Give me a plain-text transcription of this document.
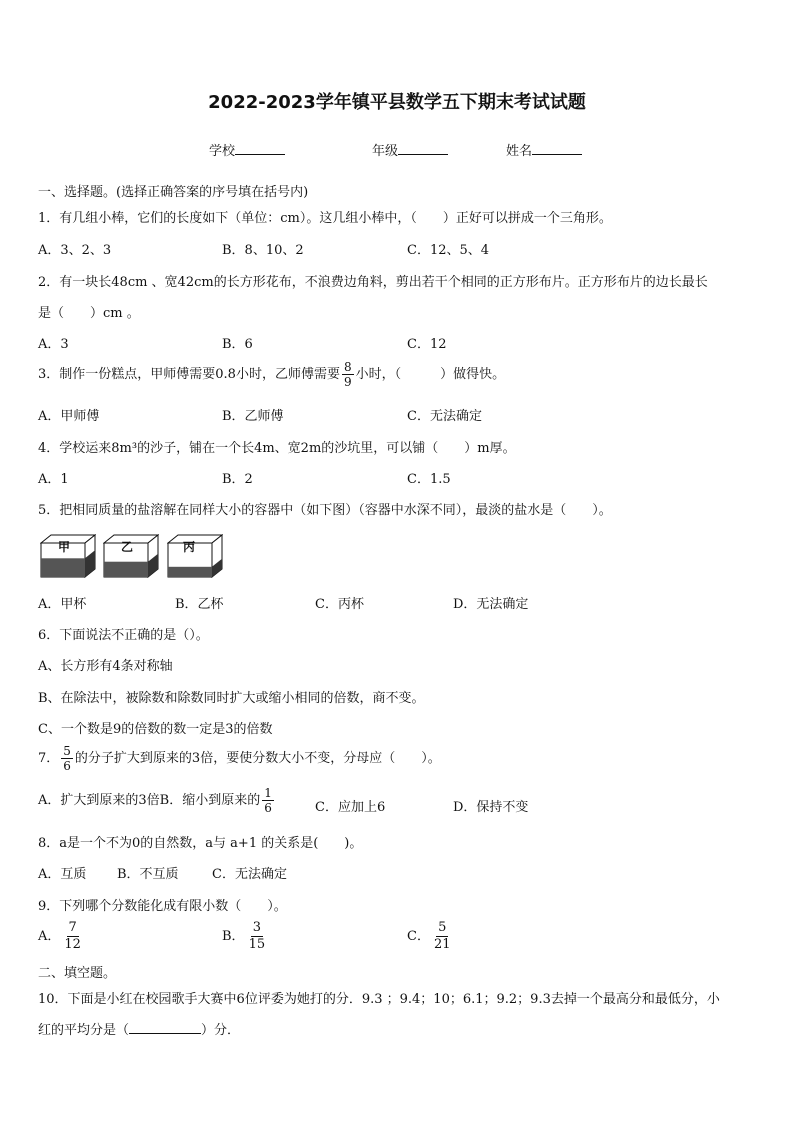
2022-2023学年镇平县数学五下期末考试试题
学校	年级	姓名
一、选择题。(选择正确答案的序号填在括号内)
1．有几组小棒，它们的长度如下（单位：cm）。这几组小棒中，（　　）正好可以拼成一个三角形。
A．3、2、3	B．8、10、2	C．12、5、4
2．有一块长48cm 、宽42cm的长方形花布，不浪费边角料，剪出若干个相同的正方形布片。正方形布片的边长最长
是（　　）cm 。
A．3	B．6	C．12
3．制作一份糕点，甲师傅需要0.8小时，乙师傅需要 $\frac{8}{9}$ 小时，（　　　）做得快。
A．甲师傅	B．乙师傅	C．无法确定
4．学校运来8m³的沙子，铺在一个长4m、宽2m的沙坑里，可以铺（　　）m厚。
A．1	B．2	C．1.5
5．把相同质量的盐溶解在同样大小的容器中（如下图）（容器中水深不同），最淡的盐水是（　　）。
甲	乙	丙
A．甲杯	B．乙杯	C．丙杯	D．无法确定
6．下面说法不正确的是（）。
A、长方形有4条对称轴
B、在除法中，被除数和除数同时扩大或缩小相同的倍数，商不变。
C、一个数是9的倍数的数一定是3的倍数
7． $\frac{5}{6}$ 的分子扩大到原来的3倍，要使分数大小不变，分母应（　　）。
A．扩大到原来的3倍B．缩小到原来的 $\frac{1}{6}$	C．应加上6	D．保持不变
8．a是一个不为0的自然数，a与 a+1 的关系是(　　)。
A．互质 B．不互质	C．无法确定
9．下列哪个分数能化成有限小数（　　）。
A． $\frac{7}{12}$	B． $\frac{3}{15}$	C． $\frac{5}{21}$
二、填空题。
10．下面是小红在校园歌手大赛中6位评委为她打的分．9.3 ；9.4；10；6.1；9.2；9.3去掉一个最高分和最低分，小
红的平均分是（	）分．
